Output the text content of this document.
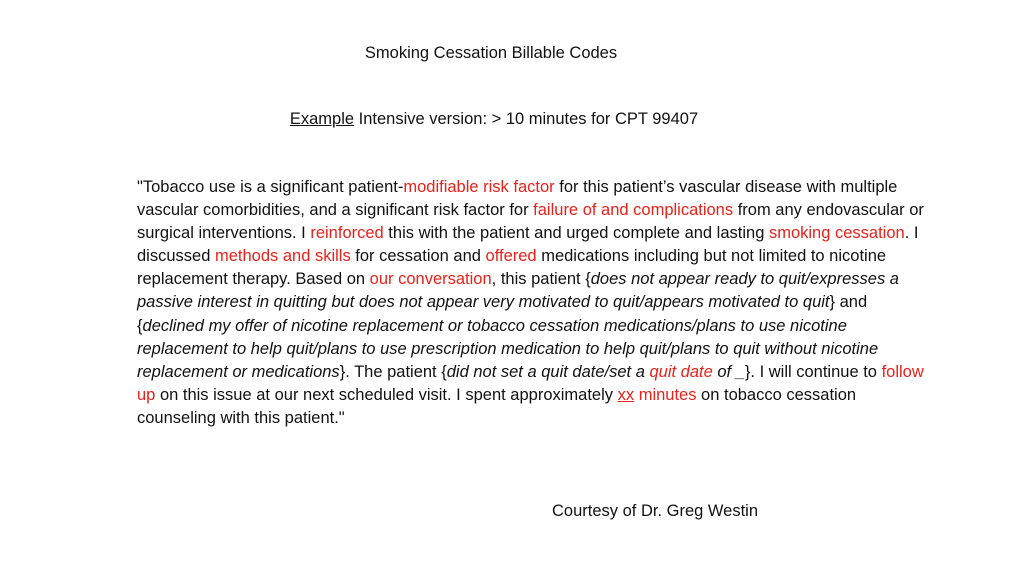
Smoking Cessation Billable Codes
Example Intensive version: > 10 minutes for CPT 99407
"Tobacco use is a significant patient-modifiable risk factor for this patient’s vascular disease with multiple vascular comorbidities, and a significant risk factor for failure of and complications from any endovascular or surgical interventions. I reinforced this with the patient and urged complete and lasting smoking cessation. I discussed methods and skills for cessation and offered medications including but not limited to nicotine replacement therapy. Based on our conversation, this patient {does not appear ready to quit/expresses a passive interest in quitting but does not appear very motivated to quit/appears motivated to quit} and {declined my offer of nicotine replacement or tobacco cessation medications/plans to use nicotine replacement to help quit/plans to use prescription medication to help quit/plans to quit without nicotine replacement or medications}. The patient {did not set a quit date/set a quit date of _}. I will continue to follow up on this issue at our next scheduled visit. I spent approximately xx minutes on tobacco cessation counseling with this patient."
Courtesy of Dr. Greg Westin
